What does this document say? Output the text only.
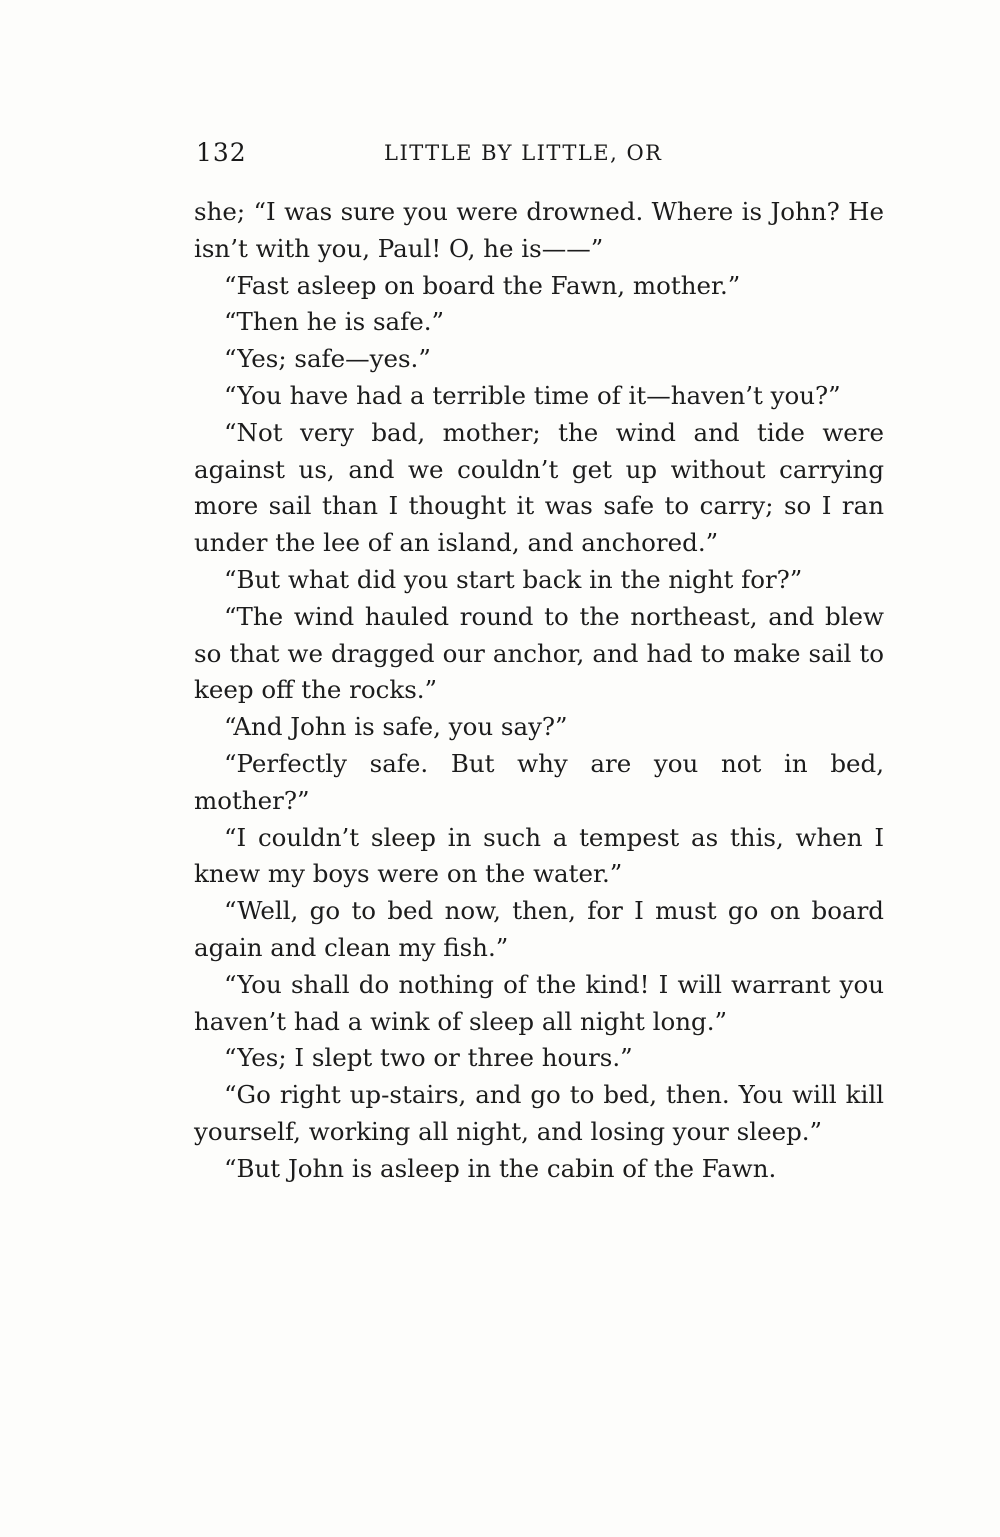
132	LITTLE BY LITTLE, OR

she; “I was sure you were drowned. Where is John? He isn’t with you, Paul! O, he is——”

“Fast asleep on board the Fawn, mother.”

“Then he is safe.”

“Yes; safe—yes.”

“You have had a terrible time of it—haven’t you?”

“Not very bad, mother; the wind and tide were against us, and we couldn’t get up without carrying more sail than I thought it was safe to carry; so I ran under the lee of an island, and anchored.”

“But what did you start back in the night for?”

“The wind hauled round to the northeast, and blew so that we dragged our anchor, and had to make sail to keep off the rocks.”

“And John is safe, you say?”

“Perfectly safe. But why are you not in bed, mother?”

“I couldn’t sleep in such a tempest as this, when I knew my boys were on the water.”

“Well, go to bed now, then, for I must go on board again and clean my fish.”

“You shall do nothing of the kind! I will warrant you haven’t had a wink of sleep all night long.”

“Yes; I slept two or three hours.”

“Go right up-stairs, and go to bed, then. You will kill yourself, working all night, and losing your sleep.”

“But John is asleep in the cabin of the Fawn.
